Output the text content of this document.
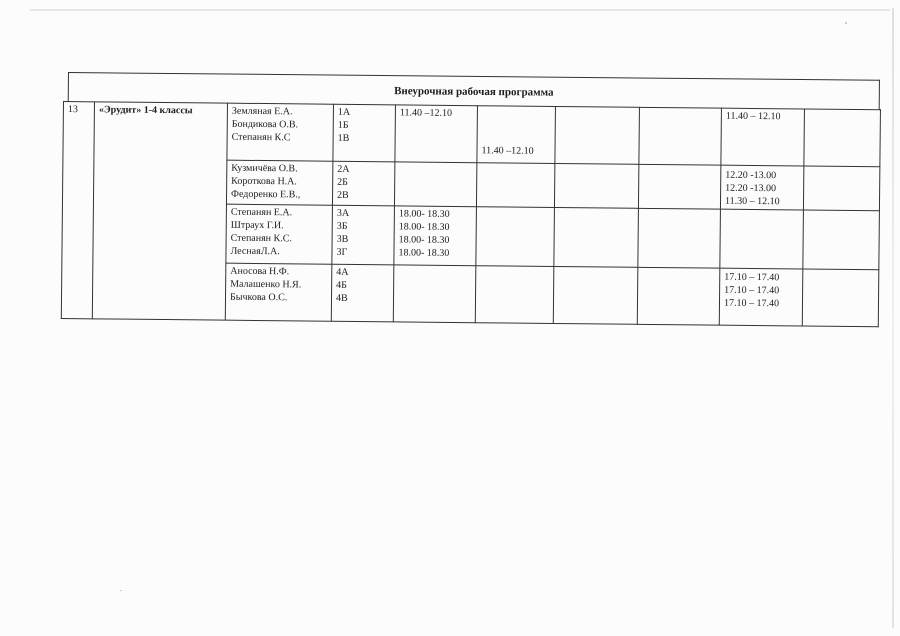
Внеурочная рабочая программа
13	«Эрудит» 1-4 классы	Земляная Е.А.
Бондикова О.В.
Степанян К.С	1А
1Б
1В	11.40 –12.10	11.40 –12.10			11.40 – 12.10	

		Кузмичёва О.В.
Короткова Н.А.
Федоренко Е.В.,	2А
2Б
2В					12.20 -13.00
12.20 -13.00
11.30 – 12.10	

		Степанян Е.А.
Штраух Г.И.
Степанян К.С.
ЛеснаяЛ.А.	3А
3Б
3В
3Г	18.00- 18.30
18.00- 18.30
18.00- 18.30
18.00- 18.30					

		Аносова Н.Ф.
Малашенко Н.Я.
Бычкова О.С.	4А
4Б
4В					17.10 – 17.40
17.10 – 17.40
17.10 – 17.40	
